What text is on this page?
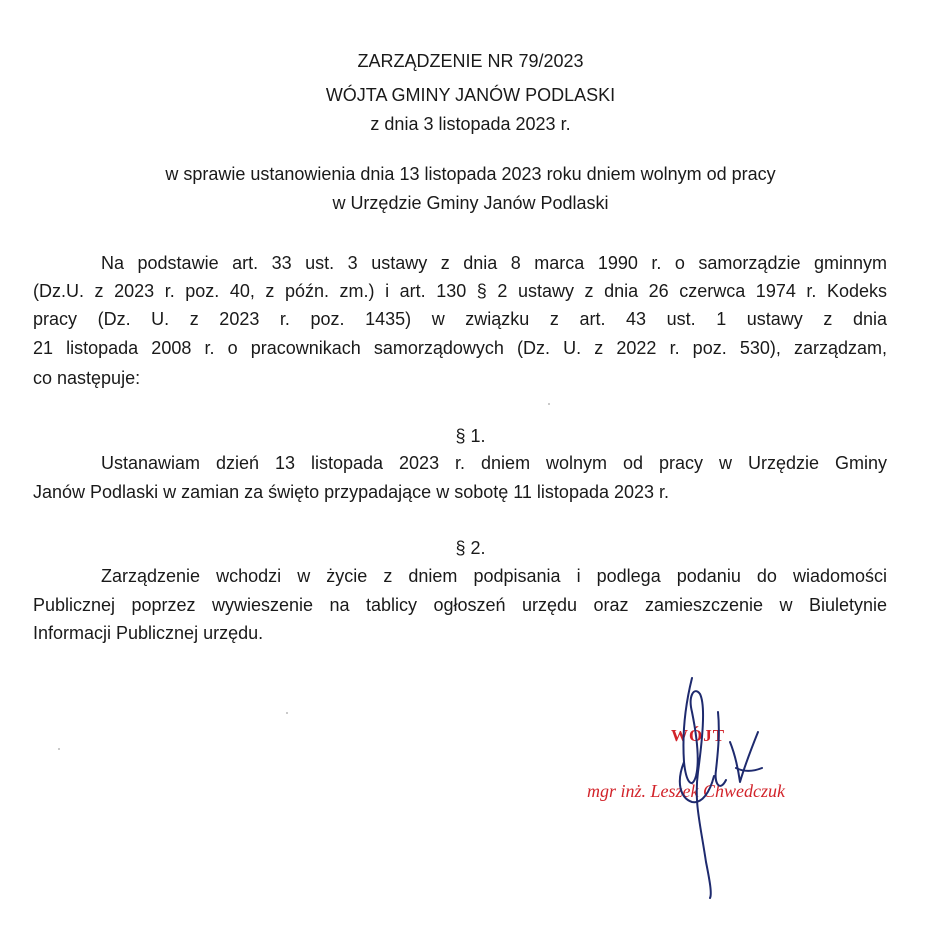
ZARZĄDZENIE NR 79/2023
WÓJTA GMINY JANÓW PODLASKI
z dnia 3 listopada 2023 r.
w sprawie ustanowienia dnia 13 listopada 2023 roku dniem wolnym od pracy
w Urzędzie Gminy Janów Podlaski
Na podstawie art. 33 ust. 3 ustawy z dnia 8 marca 1990 r. o samorządzie gminnym
(Dz.U. z 2023 r. poz. 40, z późn. zm.) i art. 130 § 2 ustawy z dnia 26 czerwca 1974 r. Kodeks
pracy (Dz. U. z 2023 r. poz. 1435) w związku z art. 43 ust. 1 ustawy z dnia
21 listopada 2008 r. o pracownikach samorządowych (Dz. U. z 2022 r. poz. 530), zarządzam,
co następuje:
§ 1.
Ustanawiam dzień 13 listopada 2023 r. dniem wolnym od pracy w Urzędzie Gminy
Janów Podlaski w zamian za święto przypadające w sobotę 11 listopada 2023 r.
§ 2.
Zarządzenie wchodzi w życie z dniem podpisania i podlega podaniu do wiadomości
Publicznej poprzez wywieszenie na tablicy ogłoszeń urzędu oraz zamieszczenie w Biuletynie
Informacji Publicznej urzędu.
WÓJT
mgr inż. Leszek Chwedczuk
